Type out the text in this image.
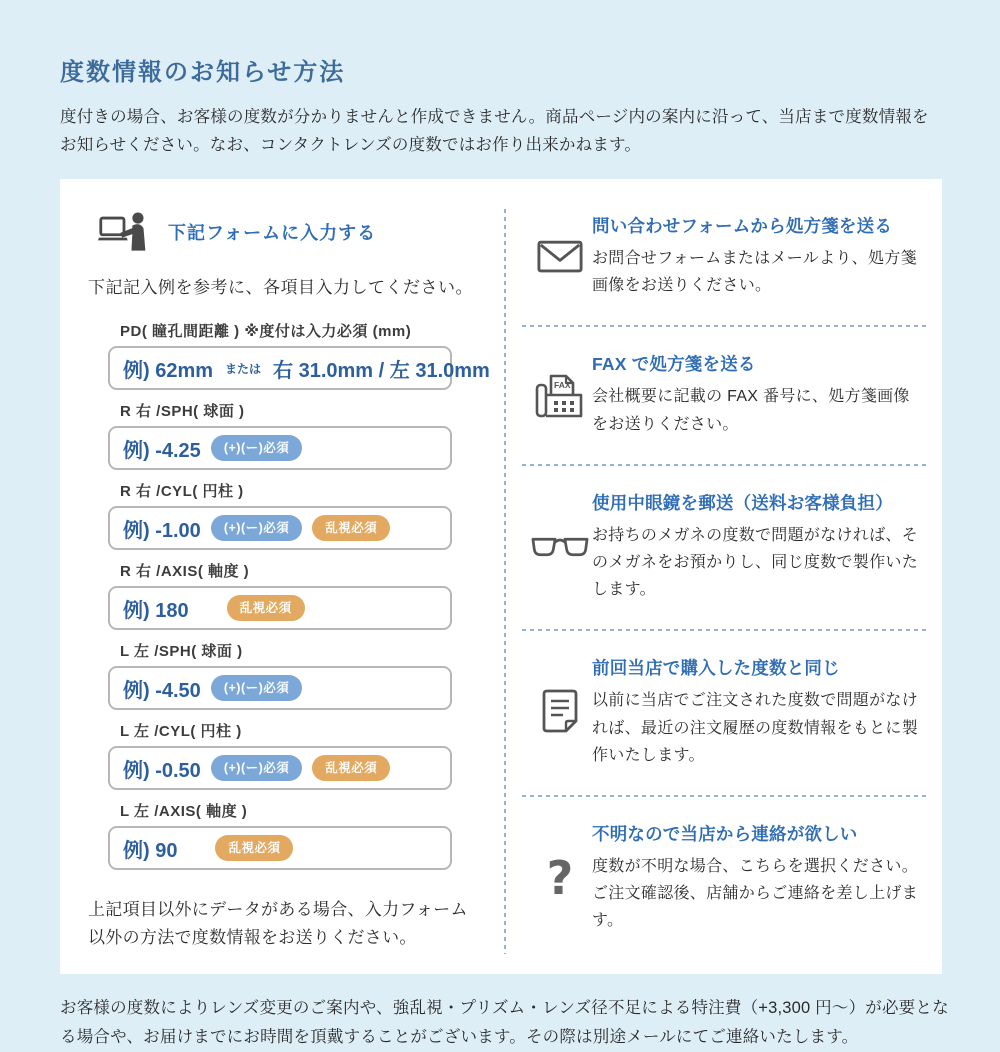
度数情報のお知らせ方法

度付きの場合、お客様の度数が分かりませんと作成できません。商品ページ内の案内に沿って、当店まで度数情報をお知らせください。なお、コンタクトレンズの度数ではお作り出来かねます。

下記フォームに入力する

下記記入例を参考に、各項目入力してください。

PD( 瞳孔間距離 ) ※度付は入力必須 (mm)
例) 62mm または 右 31.0mm / 左 31.0mm
R 右 /SPH( 球面 )
例) -4.25	(+)(ー)必須
R 右 /CYL( 円柱 )
例) -1.00	(+)(ー)必須	乱視必須
R 右 /AXIS( 軸度 )
例) 180	乱視必須
L 左 /SPH( 球面 )
例) -4.50	(+)(ー)必須
L 左 /CYL( 円柱 )
例) -0.50	(+)(ー)必須	乱視必須
L 左 /AXIS( 軸度 )
例) 90	乱視必須

上記項目以外にデータがある場合、入力フォーム以外の方法で度数情報をお送りください。

問い合わせフォームから処方箋を送る
お問合せフォームまたはメールより、処方箋画像をお送りください。
FAX
FAX で処方箋を送る
会社概要に記載の FAX 番号に、処方箋画像をお送りください。
使用中眼鏡を郵送（送料お客様負担）
お持ちのメガネの度数で問題がなければ、そのメガネをお預かりし、同じ度数で製作いたします。
前回当店で購入した度数と同じ
以前に当店でご注文された度数で問題がなければ、最近の注文履歴の度数情報をもとに製作いたします。
?
不明なので当店から連絡が欲しい
度数が不明な場合、こちらを選択ください。ご注文確認後、店舗からご連絡を差し上げます。

お客様の度数によりレンズ変更のご案内や、強乱視・プリズム・レンズ径不足による特注費（+3,300 円～）が必要となる場合や、お届けまでにお時間を頂戴することがございます。その際は別途メールにてご連絡いたします。
